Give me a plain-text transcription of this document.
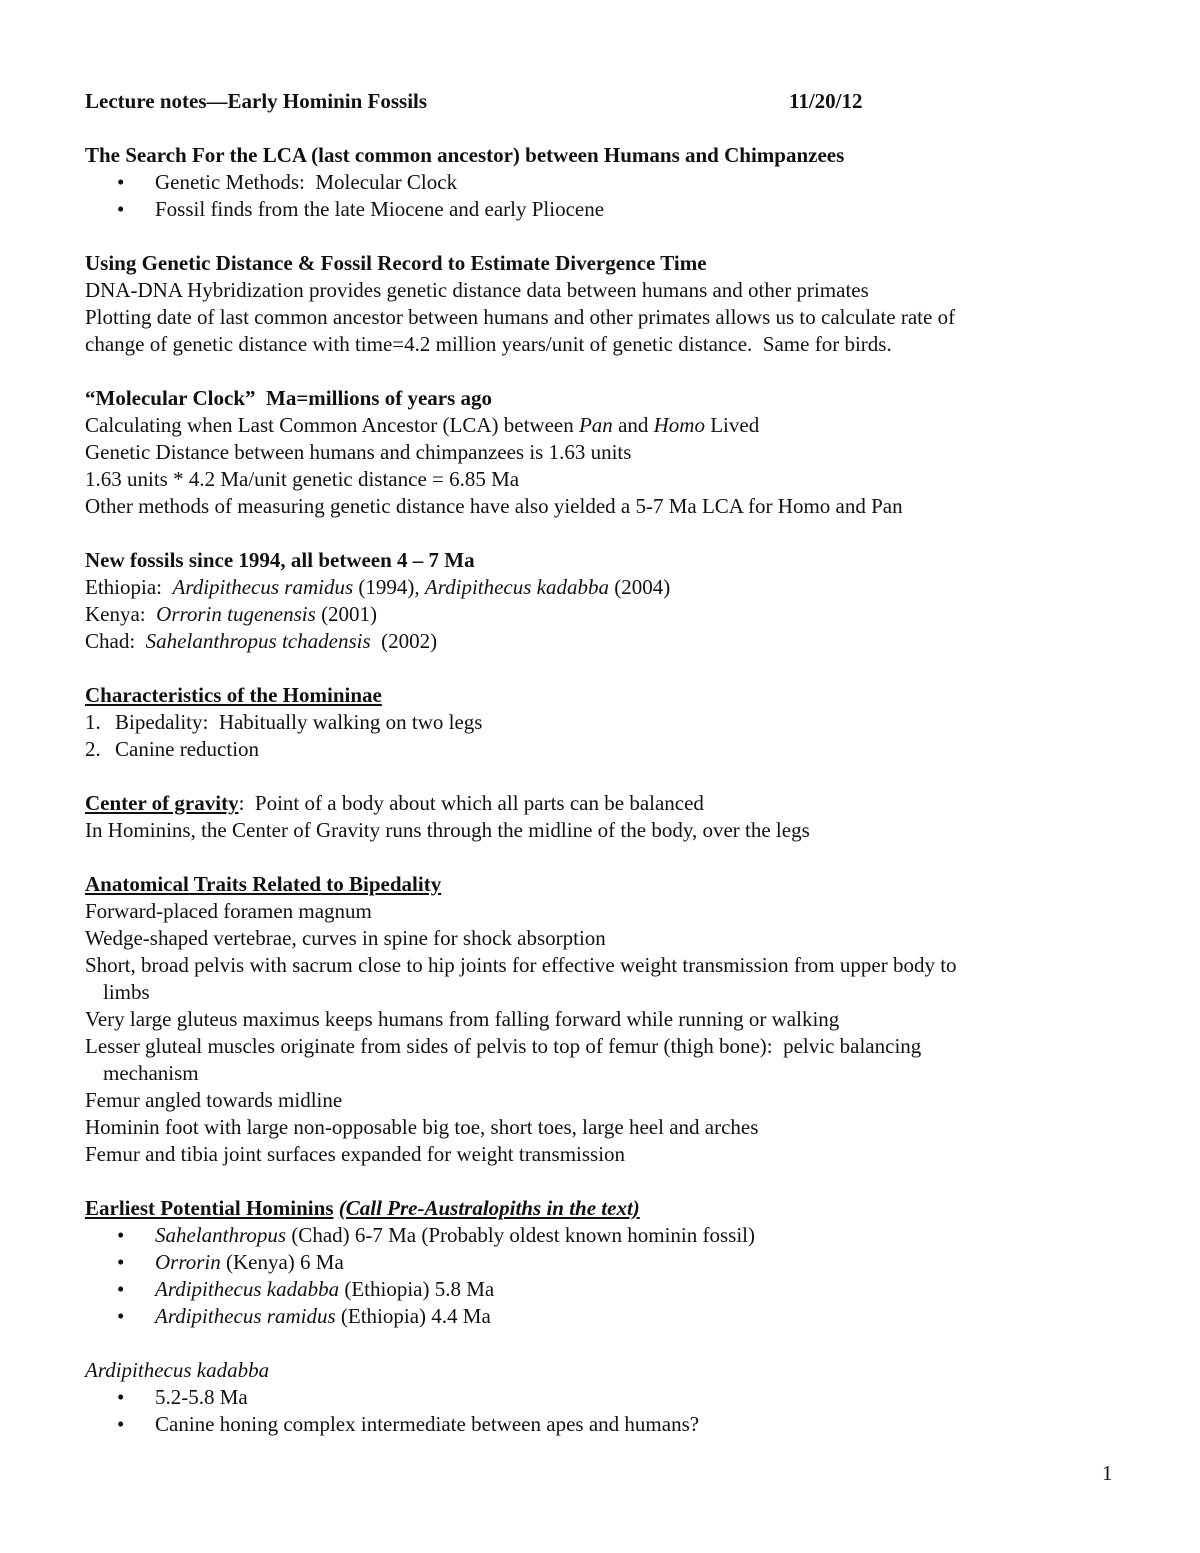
Lecture notes—Early Hominin Fossils	11/20/12
The Search For the LCA (last common ancestor) between Humans and Chimpanzees
• Genetic Methods:  Molecular Clock
• Fossil finds from the late Miocene and early Pliocene
Using Genetic Distance & Fossil Record to Estimate Divergence Time
DNA-DNA Hybridization provides genetic distance data between humans and other primates
Plotting date of last common ancestor between humans and other primates allows us to calculate rate of
change of genetic distance with time=4.2 million years/unit of genetic distance.  Same for birds.
“Molecular Clock”  Ma=millions of years ago
Calculating when Last Common Ancestor (LCA) between Pan and Homo Lived
Genetic Distance between humans and chimpanzees is 1.63 units
1.63 units * 4.2 Ma/unit genetic distance = 6.85 Ma
Other methods of measuring genetic distance have also yielded a 5-7 Ma LCA for Homo and Pan
New fossils since 1994, all between 4 – 7 Ma
Ethiopia:  Ardipithecus ramidus (1994), Ardipithecus kadabba (2004)
Kenya:  Orrorin tugenensis (2001)
Chad:  Sahelanthropus tchadensis  (2002)
Characteristics of the Homininae
1. Bipedality:  Habitually walking on two legs
2. Canine reduction
Center of gravity:  Point of a body about which all parts can be balanced
In Hominins, the Center of Gravity runs through the midline of the body, over the legs
Anatomical Traits Related to Bipedality
Forward-placed foramen magnum
Wedge-shaped vertebrae, curves in spine for shock absorption
Short, broad pelvis with sacrum close to hip joints for effective weight transmission from upper body to
limbs
Very large gluteus maximus keeps humans from falling forward while running or walking
Lesser gluteal muscles originate from sides of pelvis to top of femur (thigh bone):  pelvic balancing
mechanism
Femur angled towards midline
Hominin foot with large non-opposable big toe, short toes, large heel and arches
Femur and tibia joint surfaces expanded for weight transmission
Earliest Potential Hominins (Call Pre-Australopiths in the text)
• Sahelanthropus (Chad) 6-7 Ma (Probably oldest known hominin fossil)
• Orrorin (Kenya) 6 Ma
• Ardipithecus kadabba (Ethiopia) 5.8 Ma
• Ardipithecus ramidus (Ethiopia) 4.4 Ma
Ardipithecus kadabba
• 5.2-5.8 Ma
• Canine honing complex intermediate between apes and humans?
1
